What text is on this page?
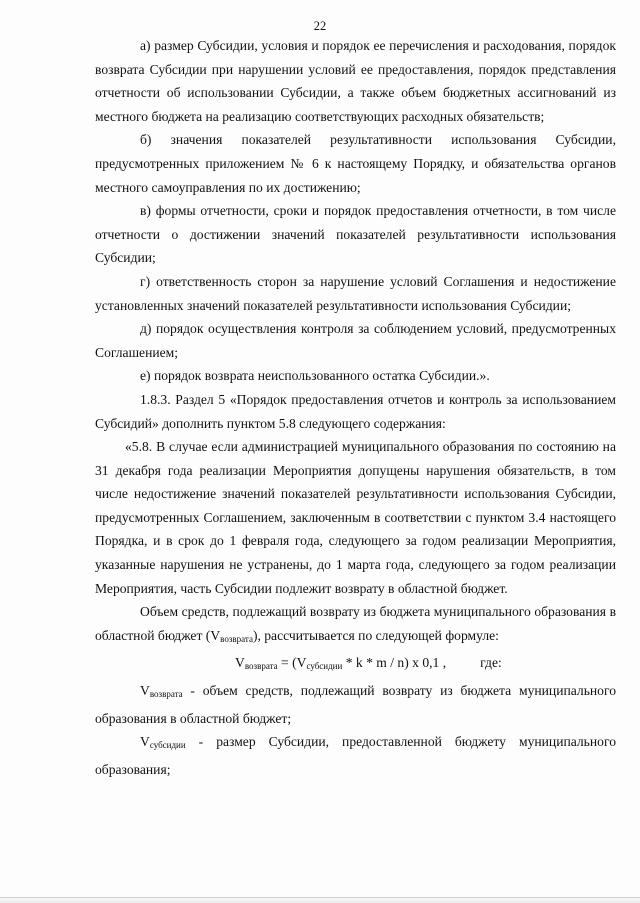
22

а) размер Субсидии, условия и порядок ее перечисления и расходования, порядок возврата Субсидии при нарушении условий ее предоставления, порядок представления отчетности об использовании Субсидии, а также объем бюджетных ассигнований из местного бюджета на реализацию соответствующих расходных обязательств;

б) значения показателей результативности использования Субсидии, предусмотренных приложением № 6 к настоящему Порядку, и обязательства органов местного самоуправления по их достижению;

в) формы отчетности, сроки и порядок предоставления отчетности, в том числе отчетности о достижении значений показателей результативности использования Субсидии;

г) ответственность сторон за нарушение условий Соглашения и недостижение установленных значений показателей результативности использования Субсидии;

д) порядок осуществления контроля за соблюдением условий, предусмотренных Соглашением;

е) порядок возврата неиспользованного остатка Субсидии.».

1.8.3. Раздел 5 «Порядок предоставления отчетов и контроль за использованием Субсидий» дополнить пунктом 5.8 следующего содержания:

«5.8. В случае если администрацией муниципального образования по состоянию на 31 декабря года реализации Мероприятия допущены нарушения обязательств, в том числе недостижение значений показателей результативности использования Субсидии, предусмотренных Соглашением, заключенным в соответствии с пунктом 3.4 настоящего Порядка, и в срок до 1 февраля года, следующего за годом реализации Мероприятия, указанные нарушения не устранены, до 1 марта года, следующего за годом реализации Мероприятия, часть Субсидии подлежит возврату в областной бюджет.

Объем средств, подлежащий возврату из бюджета муниципального образования в областной бюджет $(V_{возврата})$, рассчитывается по следующей формуле:

$V_{возврата} = (V_{субсидии} * k * m / n)$ x 0,1 , где:

$V_{возврата}$ - объем средств, подлежащий возврату из бюджета муниципального образования в областной бюджет;

$V_{субсидии}$ - размер Субсидии, предоставленной бюджету муниципального образования;
